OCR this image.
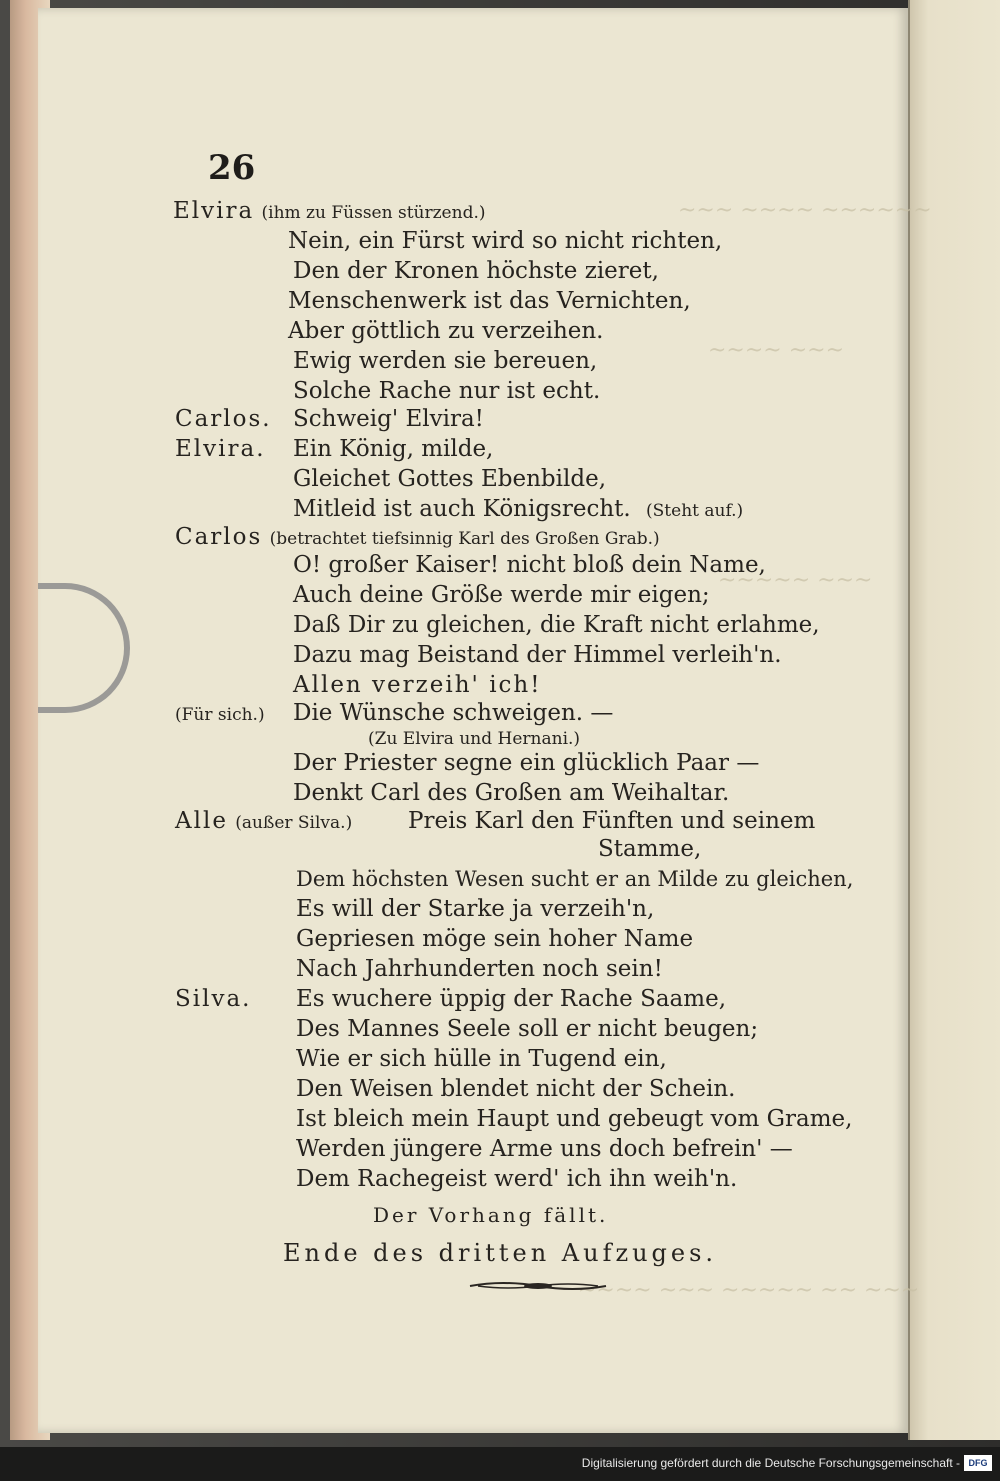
~~~ ~~~~ ~~~~~~
~~~~ ~~~
~~~~~ ~~~
~~~~ ~~~ ~~~~~ ~~ ~~~
26
Elvira (ihm zu Füssen stürzend.)
Nein, ein Fürst wird so nicht richten,
Den der Kronen höchste zieret,
Menschenwerk ist das Vernichten,
Aber göttlich zu verzeihen.
Ewig werden sie bereuen,
Solche Rache nur ist echt.
Carlos. Schweig' Elvira!
Elvira. Ein König, milde,
Gleichet Gottes Ebenbilde,
Mitleid ist auch Königsrecht. (Steht auf.)
Carlos (betrachtet tiefsinnig Karl des Großen Grab.)
O! großer Kaiser! nicht bloß dein Name,
Auch deine Größe werde mir eigen;
Daß Dir zu gleichen, die Kraft nicht erlahme,
Dazu mag Beistand der Himmel verleih'n.
Allen verzeih' ich!
(Für sich.) Die Wünsche schweigen. —
(Zu Elvira und Hernani.)
Der Priester segne ein glücklich Paar —
Denkt Carl des Großen am Weihaltar.
Alle (außer Silva.) Preis Karl den Fünften und seinem
Stamme,
Dem höchsten Wesen sucht er an Milde zu gleichen,
Es will der Starke ja verzeih'n,
Gepriesen möge sein hoher Name
Nach Jahrhunderten noch sein!
Silva. Es wuchere üppig der Rache Saame,
Des Mannes Seele soll er nicht beugen;
Wie er sich hülle in Tugend ein,
Den Weisen blendet nicht der Schein.
Ist bleich mein Haupt und gebeugt vom Grame,
Werden jüngere Arme uns doch befrein' —
Dem Rachegeist werd' ich ihn weih'n.
Der Vorhang fällt.
Ende des dritten Aufzuges.
Digitalisierung gefördert durch die Deutsche Forschungsgemeinschaft - DFG
